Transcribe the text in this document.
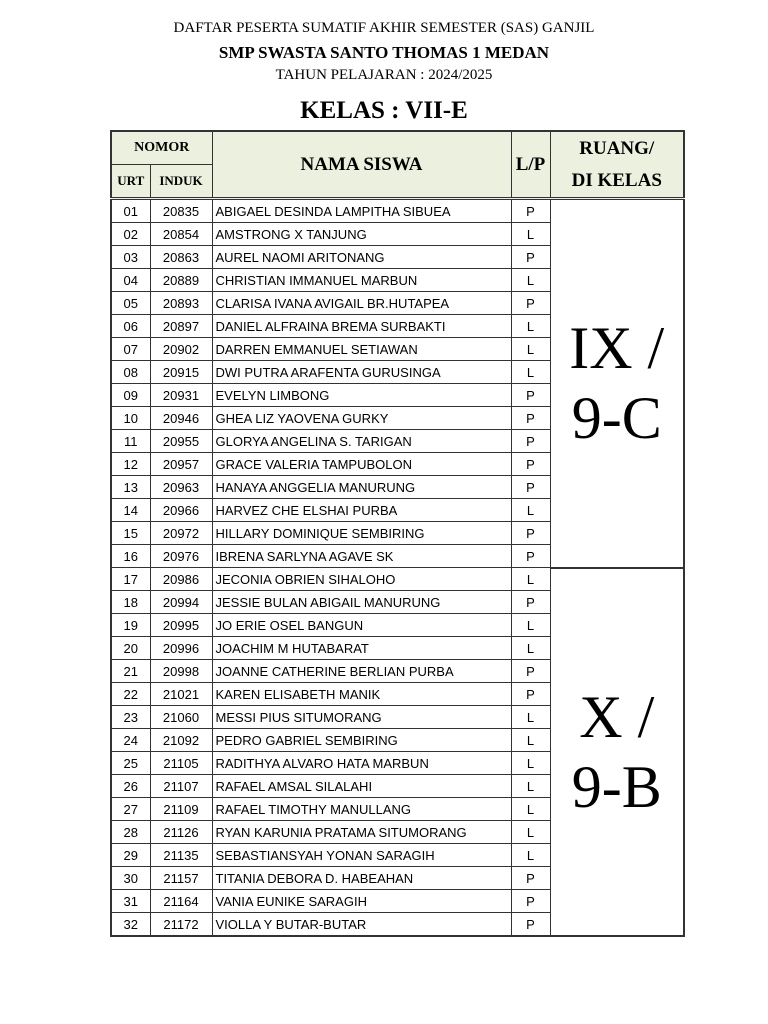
DAFTAR PESERTA SUMATIF AKHIR SEMESTER (SAS) GANJIL
SMP SWASTA SANTO THOMAS 1 MEDAN
TAHUN PELAJARAN : 2024/2025
KELAS : VII-E
NOMOR		NAMA SISWA	L/P	RUANG/
DI KELAS

URT	INDUK			
01	20835	ABIGAEL DESINDA LAMPITHA SIBUEA	P	IX /
9-C

02	20854	AMSTRONG X TANJUNG	L	
03	20863	AUREL NAOMI ARITONANG	P	
04	20889	CHRISTIAN IMMANUEL MARBUN	L	
05	20893	CLARISA IVANA AVIGAIL BR.HUTAPEA	P	
06	20897	DANIEL ALFRAINA BREMA SURBAKTI	L	
07	20902	DARREN EMMANUEL SETIAWAN	L	
08	20915	DWI PUTRA ARAFENTA GURUSINGA	L	
09	20931	EVELYN LIMBONG	P	
10	20946	GHEA LIZ YAOVENA GURKY	P	
11	20955	GLORYA ANGELINA S. TARIGAN	P	
12	20957	GRACE VALERIA TAMPUBOLON	P	
13	20963	HANAYA ANGGELIA MANURUNG	P	
14	20966	HARVEZ CHE ELSHAI PURBA	L	
15	20972	HILLARY DOMINIQUE SEMBIRING	P	
16	20976	IBRENA SARLYNA AGAVE SK	P	
17	20986	JECONIA OBRIEN SIHALOHO	L	X /
9-B

18	20994	JESSIE BULAN ABIGAIL MANURUNG	P	
19	20995	JO ERIE OSEL BANGUN	L	
20	20996	JOACHIM M HUTABARAT	L	
21	20998	JOANNE CATHERINE BERLIAN PURBA	P	
22	21021	KAREN ELISABETH MANIK	P	
23	21060	MESSI PIUS SITUMORANG	L	
24	21092	PEDRO GABRIEL SEMBIRING	L	
25	21105	RADITHYA ALVARO HATA MARBUN	L	
26	21107	RAFAEL AMSAL SILALAHI	L	
27	21109	RAFAEL TIMOTHY MANULLANG	L	
28	21126	RYAN KARUNIA PRATAMA SITUMORANG	L	
29	21135	SEBASTIANSYAH YONAN SARAGIH	L	
30	21157	TITANIA DEBORA D. HABEAHAN	P	
31	21164	VANIA EUNIKE SARAGIH	P	
32	21172	VIOLLA Y BUTAR-BUTAR	P	
